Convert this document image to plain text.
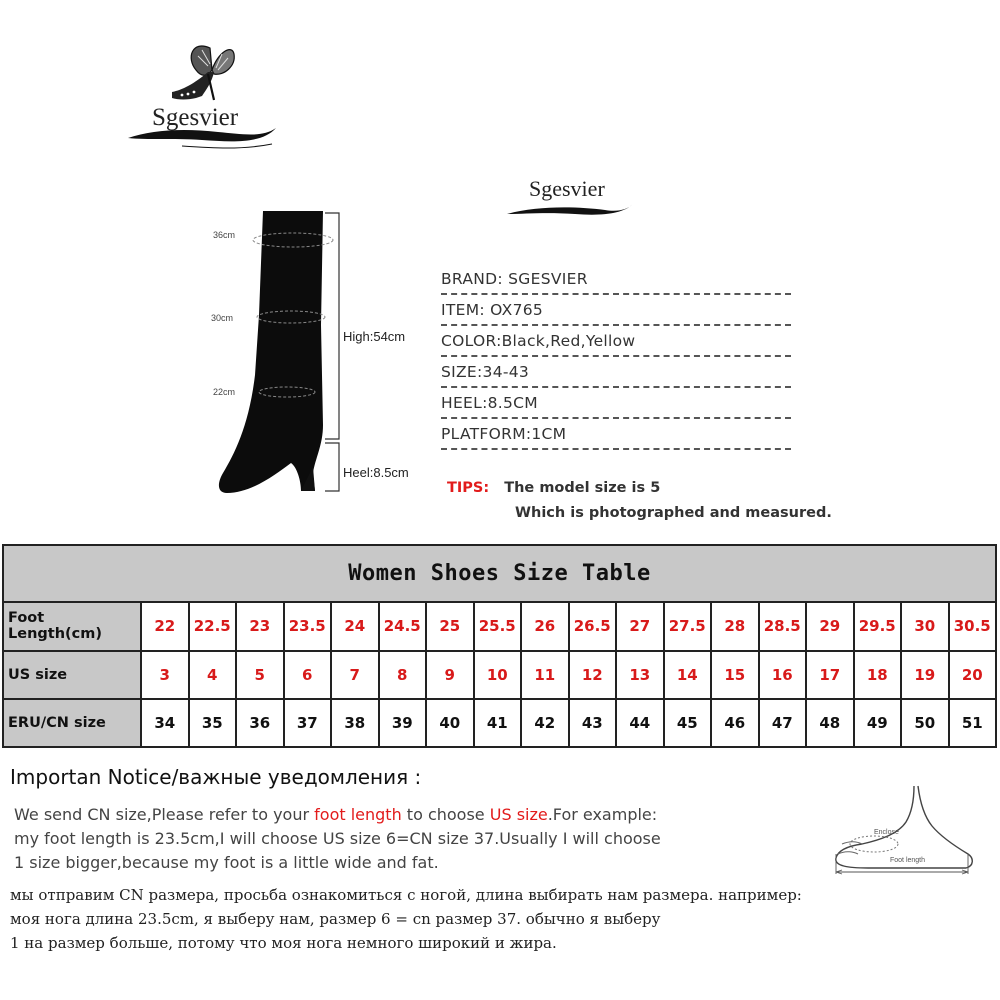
Sgesvier
Sgesvier
36cm
30cm
22cm
High:54cm
Heel:8.5cm
BRAND: SGESVIER
ITEM: OX765
COLOR:Black,Red,Yellow
SIZE:34-43
HEEL:8.5CM
PLATFORM:1CM
TIPS: The model size is 5
Which is photographed and measured.
Women Shoes Size Table																		
Foot Length(cm)	22	22.5	23	23.5	24	24.5	25	25.5	26	26.5	27	27.5	28	28.5	29	29.5	30	30.5
US size	3	4	5	6	7	8	9	10	11	12	13	14	15	16	17	18	19	20
ERU/CN size	34	35	36	37	38	39	40	41	42	43	44	45	46	47	48	49	50	51
Importan Notice/важные уведомления :
We send CN size,Please refer to your foot length to choose US size.For example:
my foot length is 23.5cm,I will choose US size 6=CN size 37.Usually I will choose
1 size bigger,because my foot is a little wide and fat.
мы отправим CN размера, просьба ознакомиться с ногой, длина выбирать нам размера. например:
моя нога длина 23.5cm, я выберу нам, размер 6 = cn размер 37. обычно я выберу
1 на размер больше, потому что моя нога немного широкий и жира.
Enclose
Foot length
